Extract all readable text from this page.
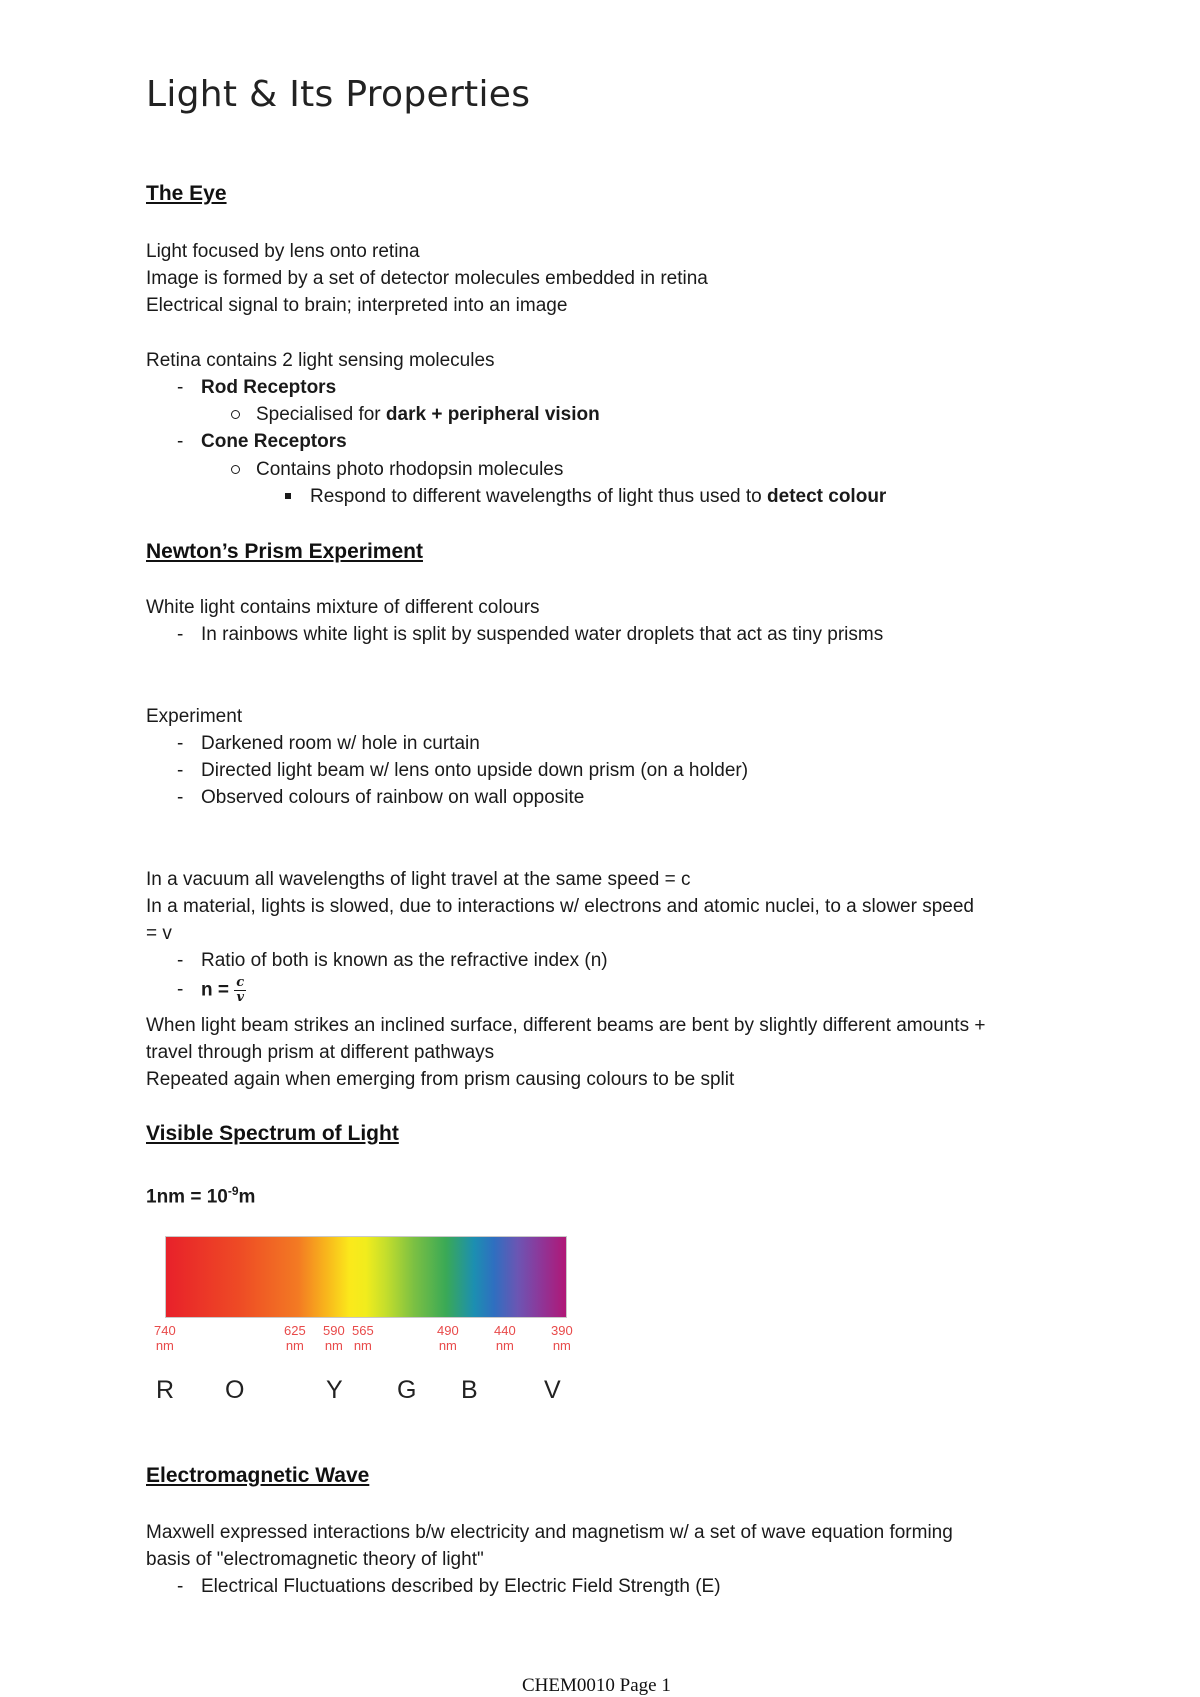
Light & Its Properties
The Eye
Light focused by lens onto retina
Image is formed by a set of detector molecules embedded in retina
Electrical signal to brain; interpreted into an image
Retina contains 2 light sensing molecules
- Rod Receptors
Specialised for dark + peripheral vision
- Cone Receptors
Contains photo rhodopsin molecules
Respond to different wavelengths of light thus used to detect colour
Newton’s Prism Experiment
White light contains mixture of different colours
- In rainbows white light is split by suspended water droplets that act as tiny prisms
Experiment
- Darkened room w/ hole in curtain
- Directed light beam w/ lens onto upside down prism (on a holder)
- Observed colours of rainbow on wall opposite
In a vacuum all wavelengths of light travel at the same speed = c
In a material, lights is slowed, due to interactions w/ electrons and atomic nuclei, to a slower speed
= v
- Ratio of both is known as the refractive index (n)
- $n = \frac{c}{v}$
When light beam strikes an inclined surface, different beams are bent by slightly different amounts +
travel through prism at different pathways
Repeated again when emerging from prism causing colours to be split
Visible Spectrum of Light
$1nm = 10^{-9}m$
740
nm
625
nm
590
nm
565
nm
490
nm
440
nm
390
nm
R O	Y G B	V
Electromagnetic Wave
Maxwell expressed interactions b/w electricity and magnetism w/ a set of wave equation forming
basis of "electromagnetic theory of light"
- Electrical Fluctuations described by Electric Field Strength (E)
CHEM0010 Page 1
